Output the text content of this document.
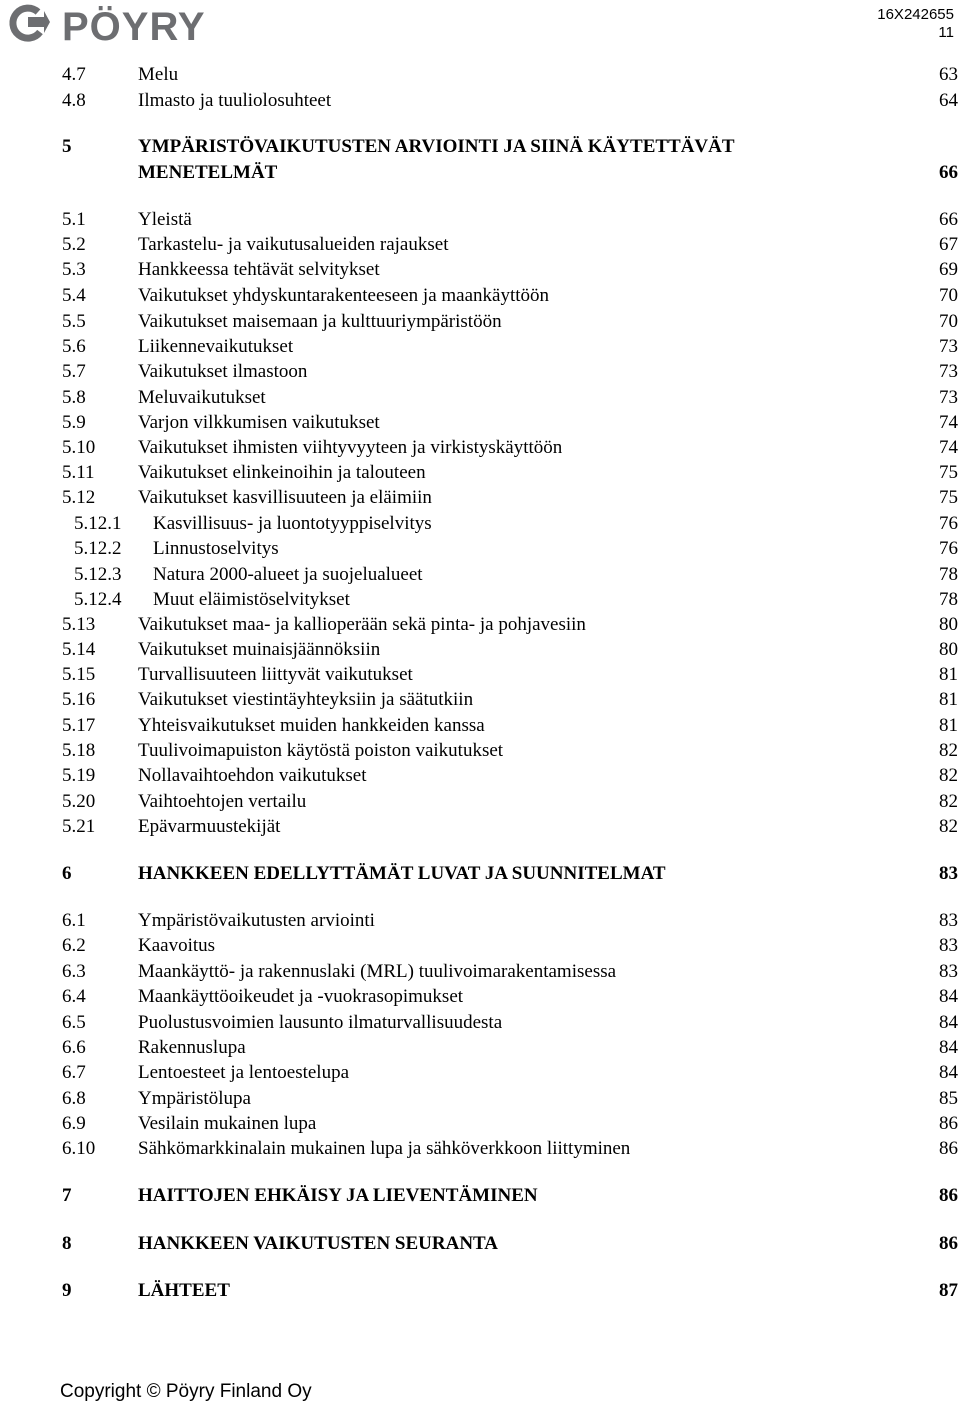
PÖYRY	16X242655
11
4.7	Melu	63
4.8	Ilmasto ja tuuliolosuhteet	64
5	YMPÄRISTÖVAIKUTUSTEN ARVIOINTI JA SIINÄ KÄYTETTÄVÄT
MENETELMÄT	66
5.1	Yleistä	66
5.2	Tarkastelu- ja vaikutusalueiden rajaukset	67
5.3	Hankkeessa tehtävät selvitykset	69
5.4	Vaikutukset yhdyskuntarakenteeseen ja maankäyttöön	70
5.5	Vaikutukset maisemaan ja kulttuuriympäristöön	70
5.6	Liikennevaikutukset	73
5.7	Vaikutukset ilmastoon	73
5.8	Meluvaikutukset	73
5.9	Varjon vilkkumisen vaikutukset	74
5.10 Vaikutukset ihmisten viihtyvyyteen ja virkistyskäyttöön	74
5.11 Vaikutukset elinkeinoihin ja talouteen	75
5.12 Vaikutukset kasvillisuuteen ja eläimiin	75
5.12.1 Kasvillisuus- ja luontotyyppiselvitys	76
5.12.2 Linnustoselvitys	76
5.12.3 Natura 2000-alueet ja suojelualueet	78
5.12.4 Muut eläimistöselvitykset	78
5.13 Vaikutukset maa- ja kallioperään sekä pinta- ja pohjavesiin	80
5.14 Vaikutukset muinaisjäännöksiin	80
5.15 Turvallisuuteen liittyvät vaikutukset	81
5.16 Vaikutukset viestintäyhteyksiin ja säätutkiin	81
5.17 Yhteisvaikutukset muiden hankkeiden kanssa	81
5.18 Tuulivoimapuiston käytöstä poiston vaikutukset	82
5.19 Nollavaihtoehdon vaikutukset	82
5.20 Vaihtoehtojen vertailu	82
5.21 Epävarmuustekijät	82
6	HANKKEEN EDELLYTTÄMÄT LUVAT JA SUUNNITELMAT	83
6.1	Ympäristövaikutusten arviointi	83
6.2	Kaavoitus	83
6.3	Maankäyttö- ja rakennuslaki (MRL) tuulivoimarakentamisessa	83
6.4	Maankäyttöoikeudet ja -vuokrasopimukset	84
6.5	Puolustusvoimien lausunto ilmaturvallisuudesta	84
6.6	Rakennuslupa	84
6.7	Lentoesteet ja lentoestelupa	84
6.8	Ympäristölupa	85
6.9	Vesilain mukainen lupa	86
6.10 Sähkömarkkinalain mukainen lupa ja sähköverkkoon liittyminen	86
7	HAITTOJEN EHKÄISY JA LIEVENTÄMINEN	86
8	HANKKEEN VAIKUTUSTEN SEURANTA	86
9	LÄHTEET	87
Copyright © Pöyry Finland Oy
